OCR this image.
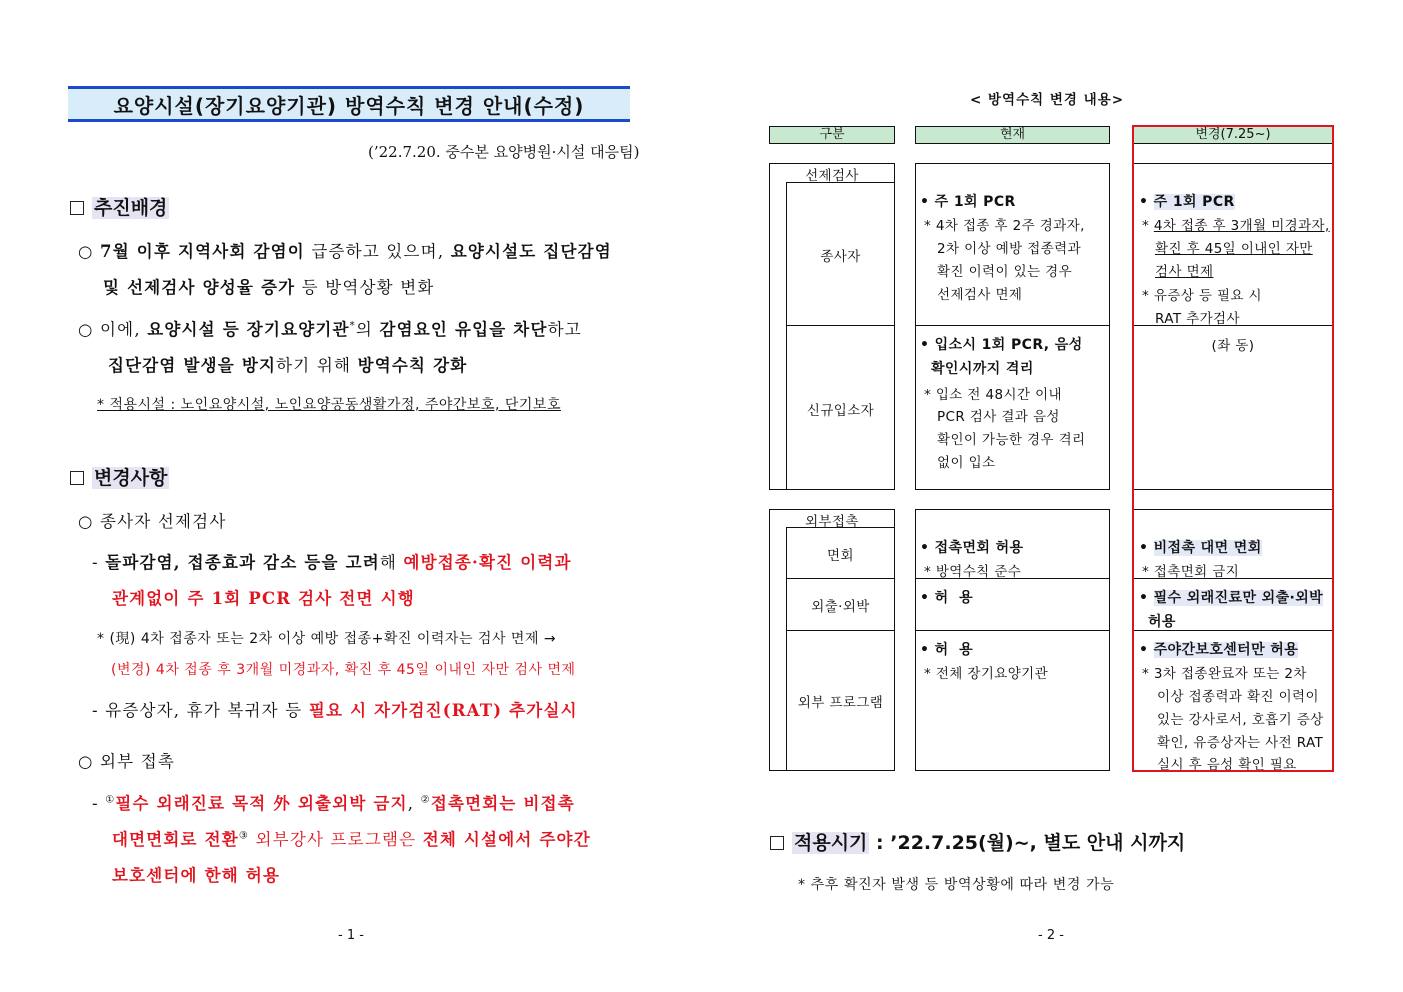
요양시설(장기요양기관) 방역수칙 변경 안내(수정)
(’22.7.20. 중수본 요양병원·시설 대응팀)
추진배경
○ 7월 이후 지역사회 감염이 급증하고 있으며, 요양시설도 집단감염
및 선제검사 양성율 증가 등 방역상황 변화
○ 이에, 요양시설 등 장기요양기관*의 감염요인 유입을 차단하고
집단감염 발생을 방지하기 위해 방역수칙 강화
* 적용시설 : 노인요양시설, 노인요양공동생활가정, 주야간보호, 단기보호
변경사항
○ 종사자 선제검사
- 돌파감염, 접종효과 감소 등을 고려해 예방접종·확진 이력과
관계없이 주 1회 PCR 검사 전면 시행
* (現) 4차 접종자 또는 2차 이상 예방 접종+확진 이력자는 검사 면제 →
(변경) 4차 접종 후 3개월 미경과자, 확진 후 45일 이내인 자만 검사 면제
- 유증상자, 휴가 복귀자 등 필요 시 자가검진(RAT) 추가실시
○ 외부 접촉
- ①필수 외래진료 목적 外 외출외박 금지, ②접촉면회는 비접촉
대면면회로 전환③ 외부강사 프로그램은 전체 시설에서 주야간
보호센터에 한해 허용
- 1 -
< 방역수칙 변경 내용>
구분	현재	변경(7.25~)
선제검사
종사자
신규입소자
• 주 1회 PCR
* 4차 접종 후 2주 경과자,
2차 이상 예방 접종력과
확진 이력이 있는 경우
선제검사 면제
• 입소시 1회 PCR, 음성
확인시까지 격리
* 입소 전 48시간 이내
PCR 검사 결과 음성
확인이 가능한 경우 격리
없이 입소
• 주 1회 PCR
* 4차 접종 후 3개월 미경과자,
확진 후 45일 이내인 자만
검사 면제
* 유증상 등 필요 시
RAT 추가검사
(좌 동)
외부접촉
면회
외출·외박
외부 프로그램
• 접촉면회 허용
* 방역수칙 준수
• 허  용
• 허  용
* 전체 장기요양기관
• 비접촉 대면 면회
* 접촉면회 금지
• 필수 외래진료만 외출·외박
허용
• 주야간보호센터만 허용
* 3차 접종완료자 또는 2차
이상 접종력과 확진 이력이
있는 강사로서, 호흡기 증상
확인, 유증상자는 사전 RAT
실시 후 음성 확인 필요
적용시기 : ’22.7.25(월)~, 별도 안내 시까지
* 추후 확진자 발생 등 방역상황에 따라 변경 가능
- 2 -
